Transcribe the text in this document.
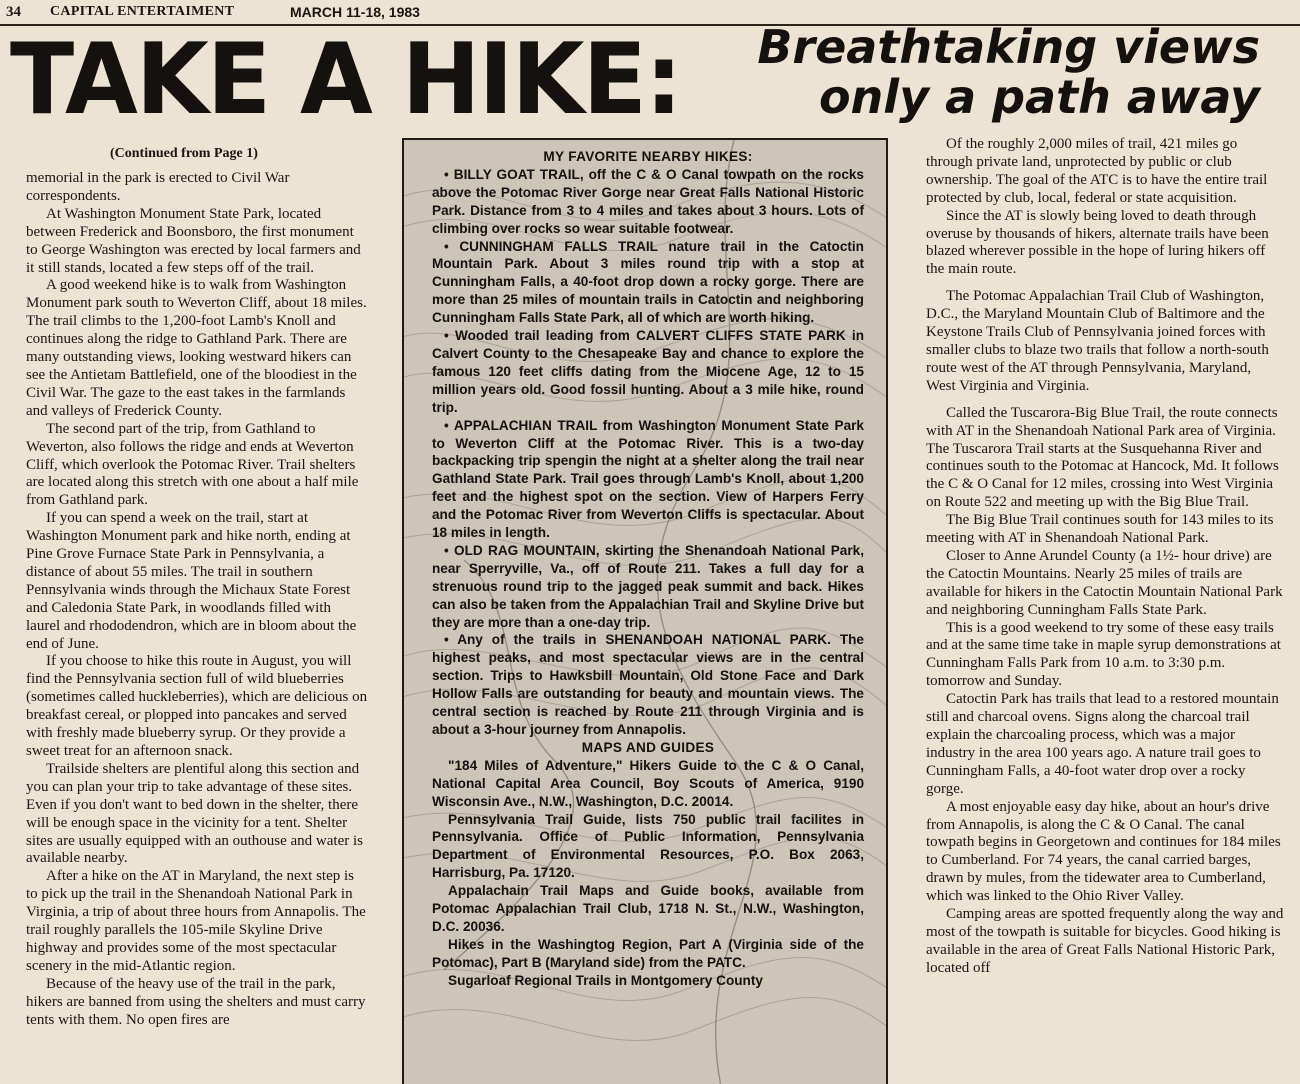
34 CAPITAL ENTERTAIMENT	MARCH 11-18, 1983
TAKE A HIKE:	Breathtaking views
only a path away
(Continued from Page 1)

memorial in the park is erected to Civil War correspondents.

At Washington Monument State Park, located between Frederick and Boonsboro, the first monument to George Washington was erected by local farmers and it still stands, located a few steps off of the trail.

A good weekend hike is to walk from Washington Monument park south to Weverton Cliff, about 18 miles. The trail climbs to the 1,200-foot Lamb's Knoll and continues along the ridge to Gathland Park. There are many outstanding views, looking westward hikers can see the Antietam Battlefield, one of the bloodiest in the Civil War. The gaze to the east takes in the farmlands and valleys of Frederick County.

The second part of the trip, from Gathland to Weverton, also follows the ridge and ends at Weverton Cliff, which overlook the Potomac River. Trail shelters are located along this stretch with one about a half mile from Gathland park.

If you can spend a week on the trail, start at Washington Monument park and hike north, ending at Pine Grove Furnace State Park in Pennsylvania, a distance of about 55 miles. The trail in southern Pennsylvania winds through the Michaux State Forest and Caledonia State Park, in woodlands filled with laurel and rhododendron, which are in bloom about the end of June.

If you choose to hike this route in August, you will find the Pennsylvania section full of wild blueberries (sometimes called huckleberries), which are delicious on breakfast cereal, or plopped into pancakes and served with freshly made blueberry syrup. Or they provide a sweet treat for an afternoon snack.

Trailside shelters are plentiful along this section and you can plan your trip to take advantage of these sites. Even if you don't want to bed down in the shelter, there will be enough space in the vicinity for a tent. Shelter sites are usually equipped with an outhouse and water is available nearby.

After a hike on the AT in Maryland, the next step is to pick up the trail in the Shenandoah National Park in Virginia, a trip of about three hours from Annapolis. The trail roughly parallels the 105-mile Skyline Drive highway and provides some of the most spectacular scenery in the mid-Atlantic region.

Because of the heavy use of the trail in the park, hikers are banned from using the shelters and must carry tents with them. No open fires are

MY FAVORITE NEARBY HIKES:

• BILLY GOAT TRAIL, off the C & O Canal towpath on the rocks above the Potomac River Gorge near Great Falls National Historic Park. Distance from 3 to 4 miles and takes about 3 hours. Lots of climbing over rocks so wear suitable footwear.

• CUNNINGHAM FALLS TRAIL nature trail in the Catoctin Mountain Park. About 3 miles round trip with a stop at Cunningham Falls, a 40-foot drop down a rocky gorge. There are more than 25 miles of mountain trails in Catoctin and neighboring Cunningham Falls State Park, all of which are worth hiking.

• Wooded trail leading from CALVERT CLIFFS STATE PARK in Calvert County to the Chesapeake Bay and chance to explore the famous 120 feet cliffs dating from the Miocene Age, 12 to 15 million years old. Good fossil hunting. About a 3 mile hike, round trip.

• APPALACHIAN TRAIL from Washington Monument State Park to Weverton Cliff at the Potomac River. This is a two-day backpacking trip spengin the night at a shelter along the trail near Gathland State Park. Trail goes through Lamb's Knoll, about 1,200 feet and the highest spot on the section. View of Harpers Ferry and the Potomac River from Weverton Cliffs is spectacular. About 18 miles in length.

• OLD RAG MOUNTAIN, skirting the Shenandoah National Park, near Sperryville, Va., off of Route 211. Takes a full day for a strenuous round trip to the jagged peak summit and back. Hikes can also be taken from the Appalachian Trail and Skyline Drive but they are more than a one-day trip.

• Any of the trails in SHENANDOAH NATIONAL PARK. The highest peaks, and most spectacular views are in the central section. Trips to Hawksbill Mountain, Old Stone Face and Dark Hollow Falls are outstanding for beauty and mountain views. The central section is reached by Route 211 through Virginia and is about a 3-hour journey from Annapolis.

MAPS AND GUIDES

"184 Miles of Adventure," Hikers Guide to the C & O Canal, National Capital Area Council, Boy Scouts of America, 9190 Wisconsin Ave., N.W., Washington, D.C. 20014.

Pennsylvania Trail Guide, lists 750 public trail facilites in Pennsylvania. Office of Public Information, Pennsylvania Department of Environmental Resources, P.O. Box 2063, Harrisburg, Pa. 17120.

Appalachain Trail Maps and Guide books, available from Potomac Appalachian Trail Club, 1718 N. St., N.W., Washington, D.C. 20036.

Hikes in the Washingtog Region, Part A (Virginia side of the Potomac), Part B (Maryland side) from the PATC.

Sugarloaf Regional Trails in Montgomery County

Of the roughly 2,000 miles of trail, 421 miles go through private land, unprotected by public or club ownership. The goal of the ATC is to have the entire trail protected by club, local, federal or state acquisition.

Since the AT is slowly being loved to death through overuse by thousands of hikers, alternate trails have been blazed wherever possible in the hope of luring hikers off the main route.

The Potomac Appalachian Trail Club of Washington, D.C., the Maryland Mountain Club of Baltimore and the Keystone Trails Club of Pennsylvania joined forces with smaller clubs to blaze two trails that follow a north-south route west of the AT through Pennsylvania, Maryland, West Virginia and Virginia.

Called the Tuscarora-Big Blue Trail, the route connects with AT in the Shenandoah National Park area of Virginia. The Tuscarora Trail starts at the Susquehanna River and continues south to the Potomac at Hancock, Md. It follows the C & O Canal for 12 miles, crossing into West Virginia on Route 522 and meeting up with the Big Blue Trail.

The Big Blue Trail continues south for 143 miles to its meeting with AT in Shenandoah National Park.

Closer to Anne Arundel County (a 1½- hour drive) are the Catoctin Mountains. Nearly 25 miles of trails are available for hikers in the Catoctin Mountain National Park and neighboring Cunningham Falls State Park.

This is a good weekend to try some of these easy trails and at the same time take in maple syrup demonstrations at Cunningham Falls Park from 10 a.m. to 3:30 p.m. tomorrow and Sunday.

Catoctin Park has trails that lead to a restored mountain still and charcoal ovens. Signs along the charcoal trail explain the charcoaling process, which was a major industry in the area 100 years ago. A nature trail goes to Cunningham Falls, a 40-foot water drop over a rocky gorge.

A most enjoyable easy day hike, about an hour's drive from Annapolis, is along the C & O Canal. The canal towpath begins in Georgetown and continues for 184 miles to Cumberland. For 74 years, the canal carried barges, drawn by mules, from the tidewater area to Cumberland, which was linked to the Ohio River Valley.

Camping areas are spotted frequently along the way and most of the towpath is suitable for bicycles. Good hiking is available in the area of Great Falls National Historic Park, located off
